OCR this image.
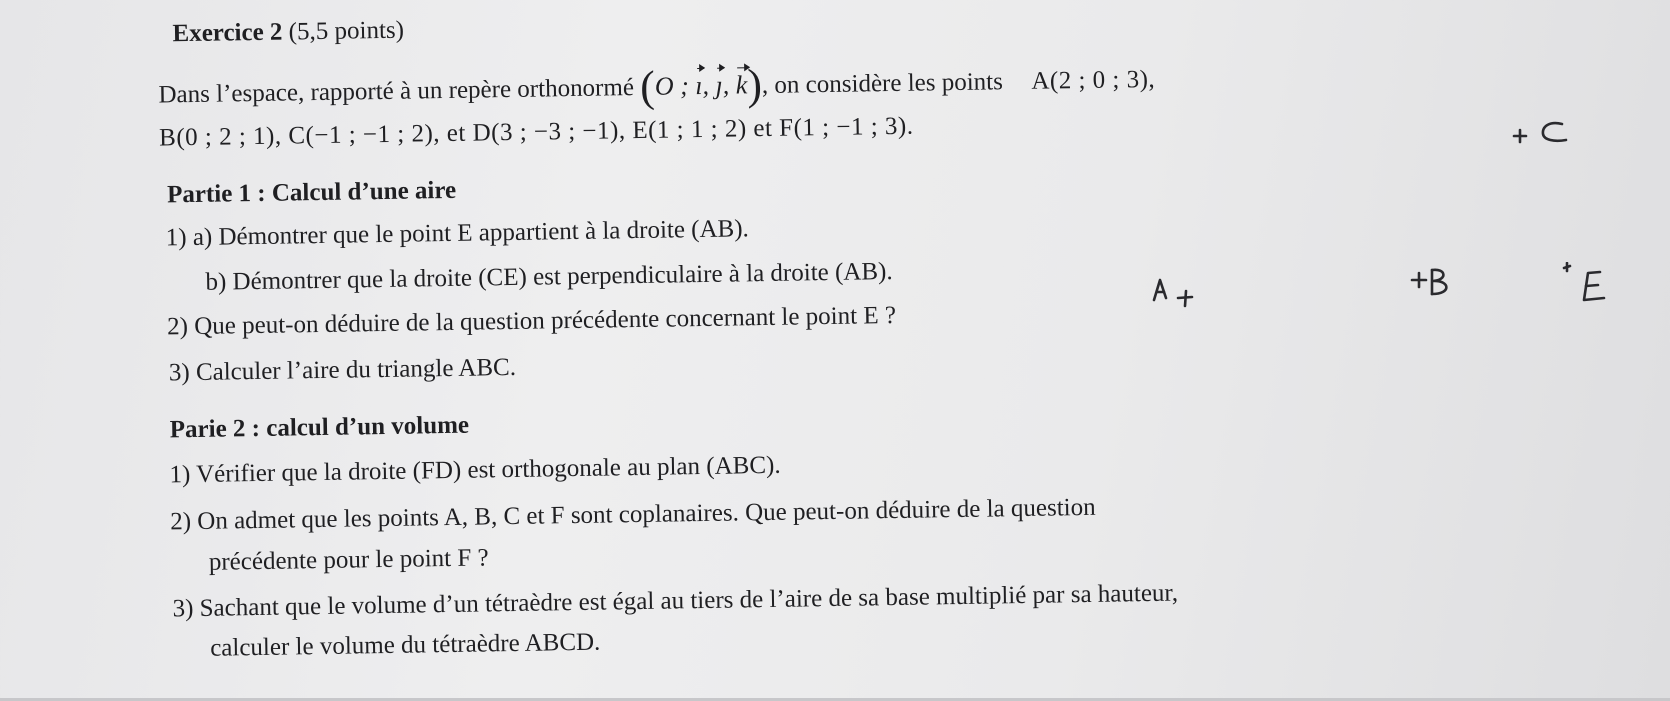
Exercice 2 (5,5 points)
Dans l’espace, rapporté à un repère orthonormé (O ; ı, ȷ, k), on considère les points A(2 ; 0 ; 3),
B(0 ; 2 ; 1), C(−1 ; −1 ; 2), et D(3 ; −3 ; −1), E(1 ; 1 ; 2) et F(1 ; −1 ; 3).
Partie 1 : Calcul d’une aire
1) a) Démontrer que le point E appartient à la droite (AB).
b) Démontrer que la droite (CE) est perpendiculaire à la droite (AB).
2) Que peut-on déduire de la question précédente concernant le point E ?
3) Calculer l’aire du triangle ABC.
Parie 2 : calcul d’un volume
1) Vérifier que la droite (FD) est orthogonale au plan (ABC).
2) On admet que les points A, B, C et F sont coplanaires. Que peut-on déduire de la question
précédente pour le point F ?
3) Sachant que le volume d’un tétraèdre est égal au tiers de l’aire de sa base multiplié par sa hauteur,
calculer le volume du tétraèdre ABCD.
